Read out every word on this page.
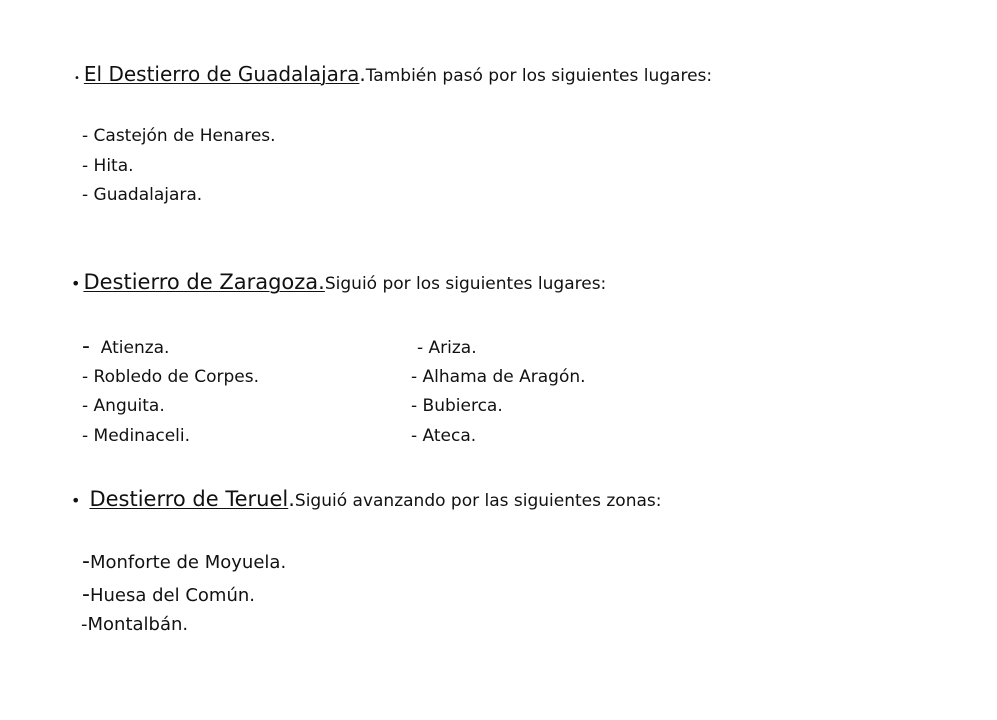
• El Destierro de Guadalajara . También pasó por los siguientes lugares:
- Castejón de Henares.
- Hita.
- Guadalajara.
• Destierro de Zaragoza. Siguió por los siguientes lugares:
-  Atienza.
- Robledo de Corpes.
- Anguita.
- Medinaceli.
- Ariza.
- Alhama de Aragón.
- Bubierca.
- Ateca.
• Destierro de Teruel . Siguió avanzando por las siguientes zonas:
-Monforte de Moyuela.
-Huesa del Común.
-Montalbán.
